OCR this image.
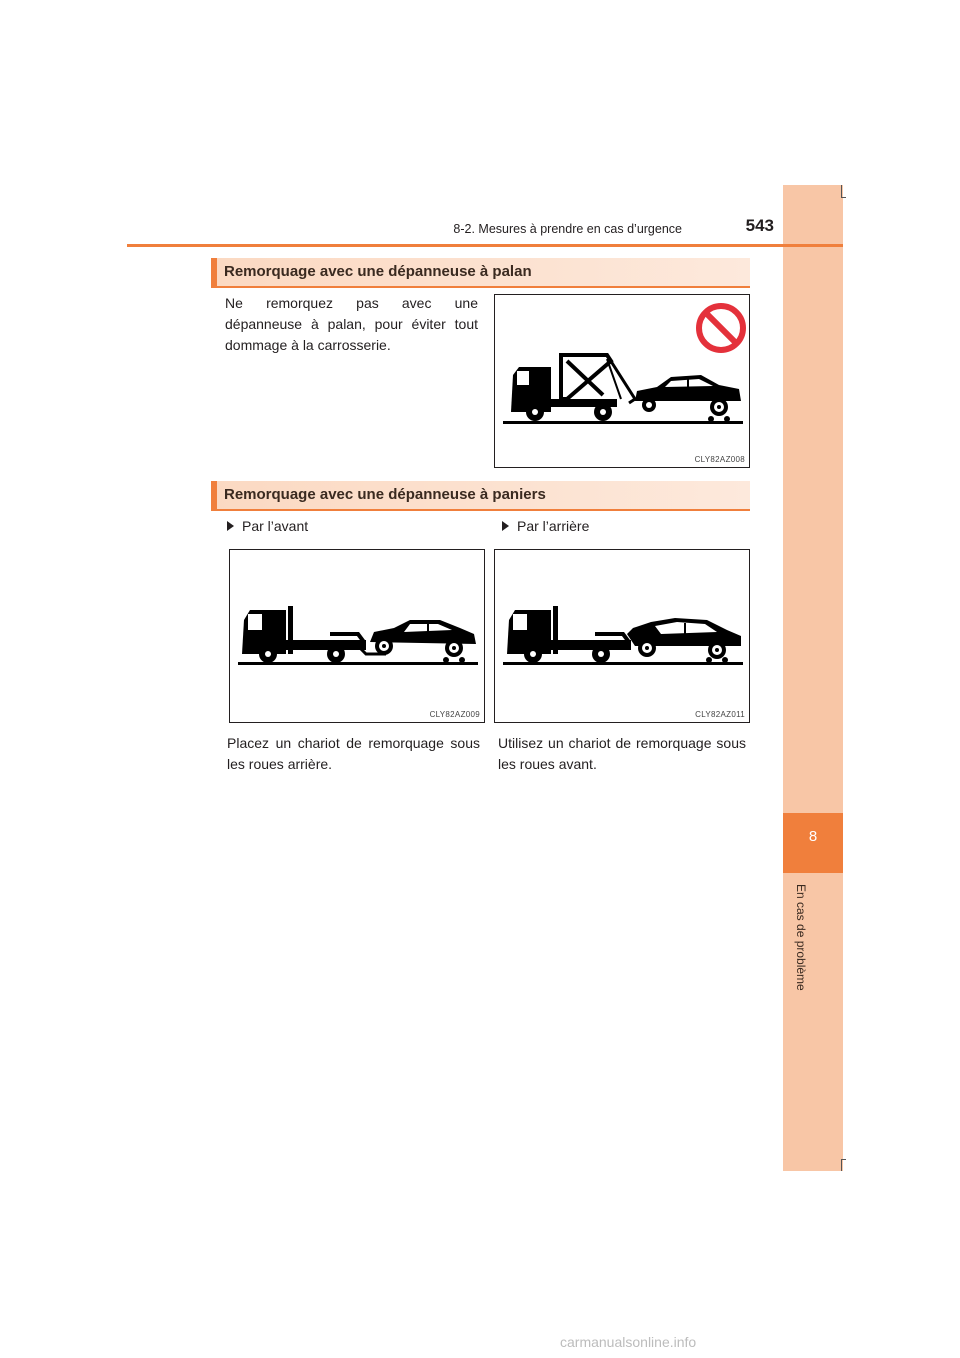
8
En cas de problème
8-2. Mesures à prendre en cas d’urgence	543
Remorquage avec une dépanneuse à palan
Ne remorquez pas avec une dépanneuse à palan, pour éviter tout dommage à la carrosserie.
CLY82AZ008
Remorquage avec une dépanneuse à paniers
Par l’avant	Par l’arrière
CLY82AZ009	CLY82AZ011
Placez un chariot de remorquage sous les roues arrière.
Utilisez un chariot de remorquage sous les roues avant.
carmanualsonline.info
